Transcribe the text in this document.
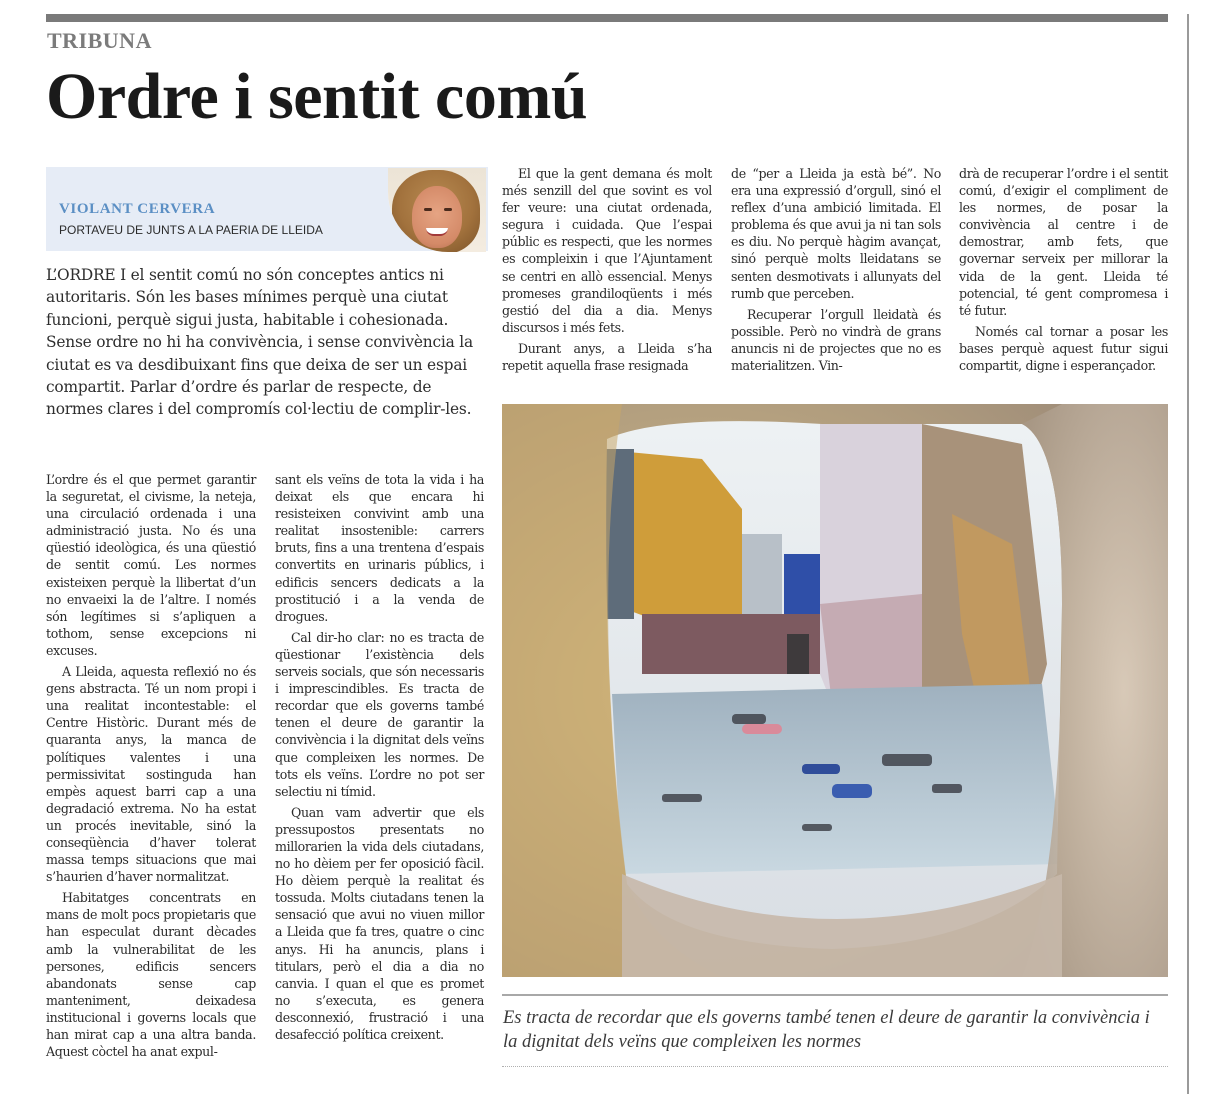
TRIBUNA
Ordre i sentit comú
VIOLANT CERVERA
PORTAVEU DE JUNTS A LA PAERIA DE LLEIDA
L’ORDRE I el sentit comú no són conceptes antics ni autoritaris. Són les bases mínimes perquè una ciutat funcioni, perquè sigui justa, habitable i cohesionada. Sense ordre no hi ha convivència, i sense convivència la ciutat es va desdibuixant fins que deixa de ser un espai compartit. Parlar d’ordre és parlar de respecte, de normes clares i del compromís col·lectiu de complir-les.

L’ordre és el que permet garantir la seguretat, el civisme, la neteja, una circulació ordenada i una administració justa. No és una qüestió ideològica, és una qüestió de sentit comú. Les normes existeixen perquè la llibertat d’un no envaeixi la de l’altre. I només són legítimes si s’apliquen a tothom, sense excepcions ni excuses.

A Lleida, aquesta reflexió no és gens abstracta. Té un nom propi i una realitat incontestable: el Centre Històric. Durant més de quaranta anys, la manca de polítiques valentes i una permissivitat sostinguda han empès aquest barri cap a una degradació extrema. No ha estat un procés inevitable, sinó la conseqüència d’haver tolerat massa temps situacions que mai s’haurien d’haver normalitzat.

Habitatges concentrats en mans de molt pocs propietaris que han especulat durant dècades amb la vulnerabilitat de les persones, edificis sencers abandonats sense cap manteniment, deixadesa institucional i governs locals que han mirat cap a una altra banda. Aquest còctel ha anat expul-

sant els veïns de tota la vida i ha deixat els que encara hi resisteixen convivint amb una realitat insostenible: carrers bruts, fins a una trentena d’espais convertits en urinaris públics, i edificis sencers dedicats a la prostitució i a la venda de drogues.

Cal dir-ho clar: no es tracta de qüestionar l’existència dels serveis socials, que són necessaris i imprescindibles. Es tracta de recordar que els governs també tenen el deure de garantir la convivència i la dignitat dels veïns que compleixen les normes. De tots els veïns. L’ordre no pot ser selectiu ni tímid.

Quan vam advertir que els pressupostos presentats no millorarien la vida dels ciutadans, no ho dèiem per fer oposició fàcil. Ho dèiem perquè la realitat és tossuda. Molts ciutadans tenen la sensació que avui no viuen millor a Lleida que fa tres, quatre o cinc anys. Hi ha anuncis, plans i titulars, però el dia a dia no canvia. I quan el que es promet no s’executa, es genera desconnexió, frustració i una desafecció política creixent.

El que la gent demana és molt més senzill del que sovint es vol fer veure: una ciutat ordenada, segura i cuidada. Que l’espai públic es respecti, que les normes es compleixin i que l’Ajuntament se centri en allò essencial. Menys promeses grandiloqüents i més gestió del dia a dia. Menys discursos i més fets.

Durant anys, a Lleida s’ha repetit aquella frase resignada

de “per a Lleida ja està bé”. No era una expressió d’orgull, sinó el reflex d’una ambició limitada. El problema és que avui ja ni tan sols es diu. No perquè hàgim avançat, sinó perquè molts lleidatans se senten desmotivats i allunyats del rumb que perceben.

Recuperar l’orgull lleidatà és possible. Però no vindrà de grans anuncis ni de projectes que no es materialitzen. Vin-

drà de recuperar l’ordre i el sentit comú, d’exigir el compliment de les normes, de posar la convivència al centre i de demostrar, amb fets, que governar serveix per millorar la vida de la gent. Lleida té potencial, té gent compromesa i té futur.

Només cal tornar a posar les bases perquè aquest futur sigui compartit, digne i esperançador.

Es tracta de recordar que els governs també tenen el deure de garantir la convivència i la dignitat dels veïns que compleixen les normes
